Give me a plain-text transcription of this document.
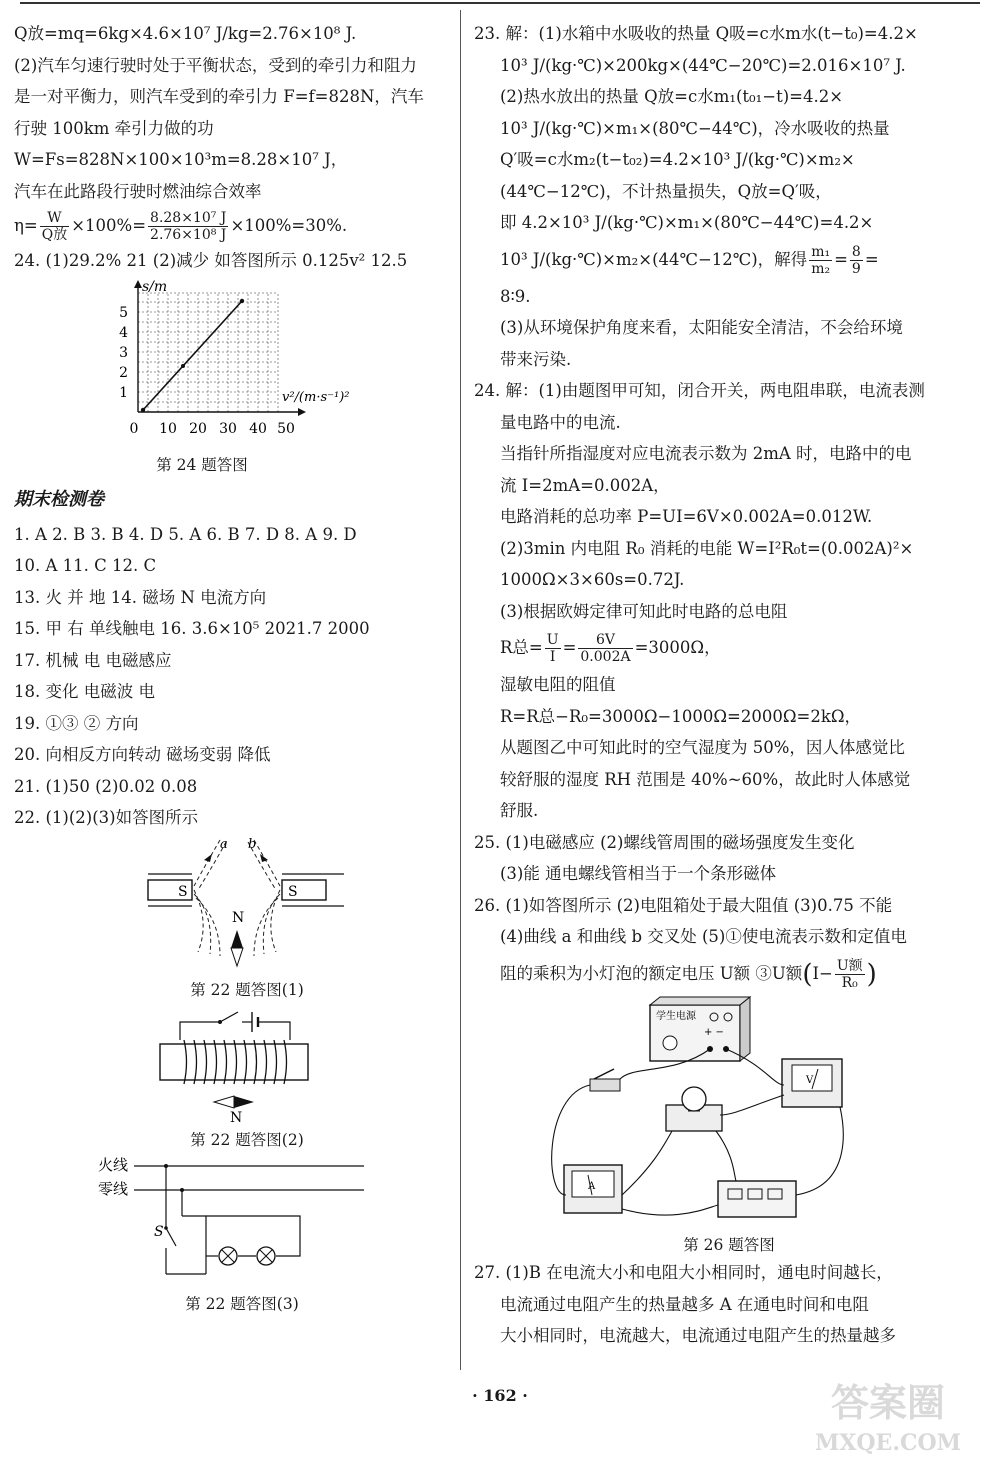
Q放=mq=6kg×4.6×10⁷ J/kg=2.76×10⁸ J.
(2)汽车匀速行驶时处于平衡状态，受到的牵引力和阻力
是一对平衡力，则汽车受到的牵引力 F=f=828N，汽车
行驶 100km 牵引力做的功
W=Fs=828N×100×10³m=8.28×10⁷ J，
汽车在此路段行驶时燃油综合效率
$\eta= \frac{W}{\text{Q放}} \times 100\%= \frac{\text{8.28×10⁷ J}}{\text{2.76×10⁸ J}} \times 100\%=30\%$.
24. (1)29.2% 21 (2)减少 如答图所示 0.125v² 12.5
s/m
v²/(m·s⁻¹)²
0 10 20 30 40 50
1
2
3
4
5
第 24 题答图
期末检测卷
1. A 2. B 3. B 4. D 5. A 6. B 7. D 8. A 9. D
10. A 11. C 12. C
13. 火 并 地 14. 磁场 N 电流方向
15. 甲 右 单线触电 16. 3.6×10⁵ 2021.7 2000
17. 机械 电 电磁感应
18. 变化 电磁波 电
19. ①③ ② 方向
20. 向相反方向转动 磁场变弱 降低
21. (1)50 (2)0.02 0.08
22. (1)(2)(3)如答图所示
S	S
a b
N
第 22 题答图(1)
N
第 22 题答图(2)
火线
零线
S
第 22 题答图(3)
23. 解：(1)水箱中水吸收的热量 Q吸=c水m水(t−t₀)=4.2×
10³ J/(kg·℃)×200kg×(44℃−20℃)=2.016×10⁷ J.
(2)热水放出的热量 Q放=c水m₁(t₀₁−t)=4.2×
10³ J/(kg·℃)×m₁×(80℃−44℃)，冷水吸收的热量
Q′吸=c水m₂(t−t₀₂)=4.2×10³ J/(kg·℃)×m₂×
(44℃−12℃)，不计热量损失，Q放=Q′吸，
即 4.2×10³ J/(kg·℃)×m₁×(80℃−44℃)=4.2×
10³ J/(kg·℃)×m₂×(44℃−12℃)，解得 $\frac{\text{m₁}}{\text{m₂}} = \frac{8}{9}$ =
8∶9.
(3)从环境保护角度来看，太阳能安全清洁，不会给环境
带来污染.
24. 解：(1)由题图甲可知，闭合开关，两电阻串联，电流表测
量电路中的电流.
当指针所指湿度对应电流表示数为 2mA 时，电路中的电
流 I=2mA=0.002A，
电路消耗的总功率 P=UI=6V×0.002A=0.012W.
(2)3min 内电阻 R₀ 消耗的电能 W=I²R₀t=(0.002A)²×
1000Ω×3×60s=0.72J.
(3)根据欧姆定律可知此时电路的总电阻
R总= $\frac{U}{I} = \frac{6V}{0.002A} =3000\Omega$，
湿敏电阻的阻值
R=R总−R₀=3000Ω−1000Ω=2000Ω=2kΩ，
从题图乙中可知此时的空气湿度为 50%，因人体感觉比
较舒服的湿度 RH 范围是 40%~60%，故此时人体感觉
舒服.
25. (1)电磁感应 (2)螺线管周围的磁场强度发生变化
(3)能 通电螺线管相当于一个条形磁体
26. (1)如答图所示 (2)电阻箱处于最大阻值 (3)0.75 不能
(4)曲线 a 和曲线 b 交叉处 (5)①使电流表示数和定值电
阻的乘积为小灯泡的额定电压 U额 ③U额($I- \frac{\text{U额}}{\text{R₀}}$ )
学生电源
+ −
V
A
第 26 题答图
27. (1)B 在电流大小和电阻大小相同时，通电时间越长，
电流通过电阻产生的热量越多 A 在通电时间和电阻
大小相同时，电流越大，电流通过电阻产生的热量越多
· 162 ·	答案圈
MXQE.COM
